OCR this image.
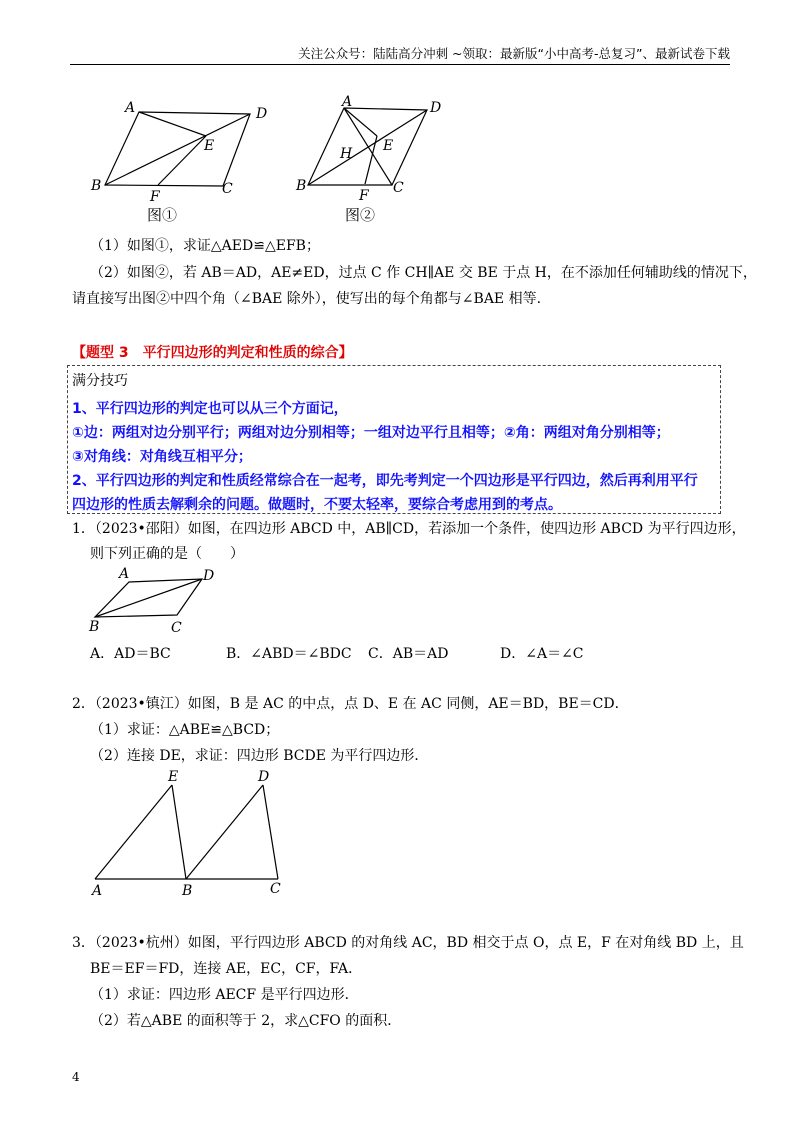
关注公众号：陆陆高分冲刺 ~领取：最新版“小中高考-总复习”、最新试卷下载
A	D
E
B
F	C
图①
A	D
H E
B
F C
图②
（1）如图①，求证△AED≌△EFB；
（2）如图②，若 AB＝AD，AE≠ED，过点 C 作 CH∥AE 交 BE 于点 H，在不添加任何辅助线的情况下，
请直接写出图②中四个角（∠BAE 除外），使写出的每个角都与∠BAE 相等.
【题型 3　平行四边形的判定和性质的综合】
满分技巧
1、平行四边形的判定也可以从三个方面记，
①边：两组对边分别平行；两组对边分别相等；一组对边平行且相等；②角：两组对角分别相等；
③对角线：对角线互相平分；
2、平行四边形的判定和性质经常综合在一起考，即先考判定一个四边形是平行四边，然后再利用平行
四边形的性质去解剩余的问题。做题时，不要太轻率，要综合考虑用到的考点。
1．（2023•邵阳）如图，在四边形 ABCD 中，AB∥CD，若添加一个条件，使四边形 ABCD 为平行四边形，
则下列正确的是（　　）
A	D
B	C
A．AD＝BC	B．∠ABD＝∠BDC C．AB＝AD	D．∠A＝∠C
2．（2023•镇江）如图，B 是 AC 的中点，点 D、E 在 AC 同侧，AE＝BD，BE＝CD．
（1）求证：△ABE≌△BCD；
（2）连接 DE，求证：四边形 BCDE 为平行四边形．
E	D
A	B	C
3．（2023•杭州）如图，平行四边形 ABCD 的对角线 AC，BD 相交于点 O，点 E，F 在对角线 BD 上，且
BE＝EF＝FD，连接 AE，EC，CF，FA．
（1）求证：四边形 AECF 是平行四边形．
（2）若△ABE 的面积等于 2，求△CFO 的面积．
4
